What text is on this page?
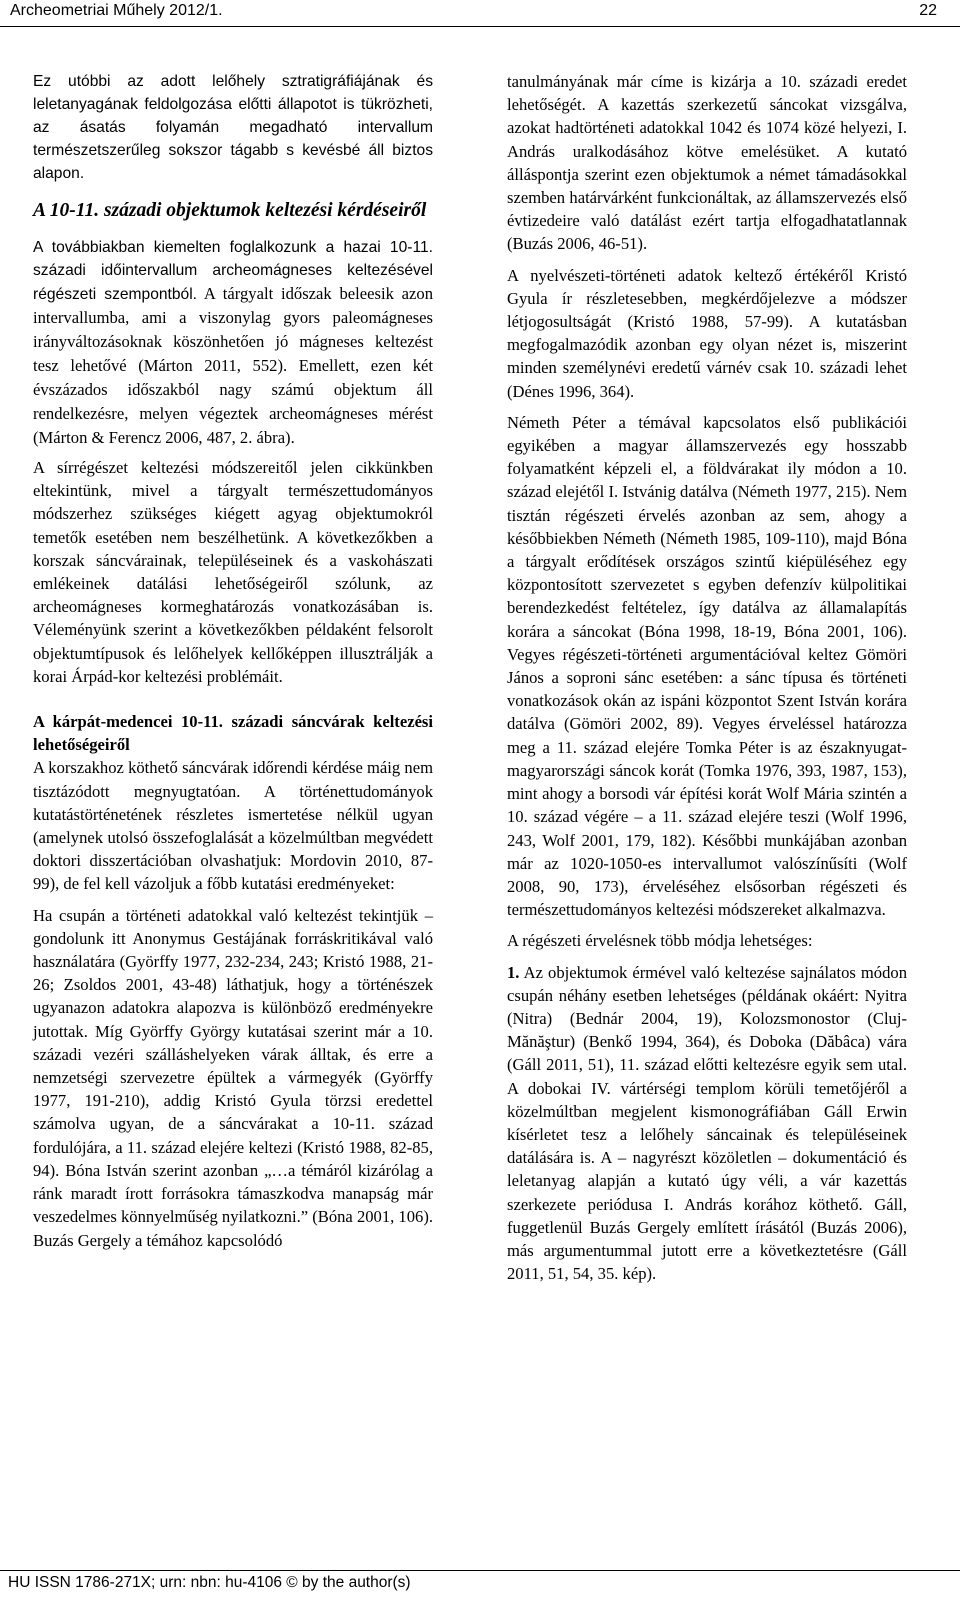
Archeometriai Műhely 2012/1.	22

Ez utóbbi az adott lelőhely sztratigráfiájának és leletanyagának feldolgozása előtti állapotot is tükrözheti, az ásatás folyamán megadható intervallum természetszerűleg sokszor tágabb s kevésbé áll biztos alapon.

A 10-11. századi objektumok keltezési kérdéseiről

A továbbiakban kiemelten foglalkozunk a hazai 10-11. századi időintervallum archeomágneses keltezésével régészeti szempontból. A tárgyalt időszak beleesik azon intervallumba, ami a viszonylag gyors paleomágneses irányváltozásoknak köszönhetően jó mágneses keltezést tesz lehetővé (Márton 2011, 552). Emellett, ezen két évszázados időszakból nagy számú objektum áll rendelkezésre, melyen végeztek archeomágneses mérést (Márton & Ferencz 2006, 487, 2. ábra).

A sírrégészet keltezési módszereitől jelen cikkünkben eltekintünk, mivel a tárgyalt természettudományos módszerhez szükséges kiégett agyag objektumokról temetők esetében nem beszélhetünk. A következőkben a korszak sáncvárainak, településeinek és a vaskohászati emlékeinek datálási lehetőségeiről szólunk, az archeomágneses kormeghatározás vonatkozásában is. Véleményünk szerint a következőkben példaként felsorolt objektumtípusok és lelőhelyek kellőképpen illusztrálják a korai Árpád-kor keltezési problémáit.

A kárpát-medencei 10-11. századi sáncvárak keltezési lehetőségeiről

A korszakhoz köthető sáncvárak időrendi kérdése máig nem tisztázódott megnyugtatóan. A történettudományok kutatástörténetének részletes ismertetése nélkül ugyan (amelynek utolsó összefoglalását a közelmúltban megvédett doktori disszertációban olvashatjuk: Mordovin 2010, 87-99), de fel kell vázoljuk a főbb kutatási eredményeket:

Ha csupán a történeti adatokkal való keltezést tekintjük – gondolunk itt Anonymus Gestájának forráskritikával való használatára (Györffy 1977, 232-234, 243; Kristó 1988, 21-26; Zsoldos 2001, 43-48) láthatjuk, hogy a történészek ugyanazon adatokra alapozva is különböző eredményekre jutottak. Míg Györffy György kutatásai szerint már a 10. századi vezéri szálláshelyeken várak álltak, és erre a nemzetségi szervezetre épültek a vármegyék (Györffy 1977, 191-210), addig Kristó Gyula törzsi eredettel számolva ugyan, de a sáncvárakat a 10-11. század fordulójára, a 11. század elejére keltezi (Kristó 1988, 82-85, 94). Bóna István szerint azonban „…a témáról kizárólag a ránk maradt írott forrásokra támaszkodva manapság már veszedelmes könnyelműség nyilatkozni.” (Bóna 2001, 106). Buzás Gergely a témához kapcsolódó

tanulmányának már címe is kizárja a 10. századi eredet lehetőségét. A kazettás szerkezetű sáncokat vizsgálva, azokat hadtörténeti adatokkal 1042 és 1074 közé helyezi, I. András uralkodásához kötve emelésüket. A kutató álláspontja szerint ezen objektumok a német támadásokkal szemben határvárként funkcionáltak, az államszervezés első évtizedeire való datálást ezért tartja elfogadhatatlannak (Buzás 2006, 46-51).

A nyelvészeti-történeti adatok keltező értékéről Kristó Gyula ír részletesebben, megkérdőjelezve a módszer létjogosultságát (Kristó 1988, 57-99). A kutatásban megfogalmazódik azonban egy olyan nézet is, miszerint minden személynévi eredetű várnév csak 10. századi lehet (Dénes 1996, 364).

Németh Péter a témával kapcsolatos első publikációi egyikében a magyar államszervezés egy hosszabb folyamatként képzeli el, a földvárakat ily módon a 10. század elejétől I. Istvánig datálva (Németh 1977, 215). Nem tisztán régészeti érvelés azonban az sem, ahogy a későbbiekben Németh (Németh 1985, 109-110), majd Bóna a tárgyalt erődítések országos szintű kiépüléséhez egy központosított szervezetet s egyben defenzív külpolitikai berendezkedést feltételez, így datálva az államalapítás korára a sáncokat (Bóna 1998, 18-19, Bóna 2001, 106). Vegyes régészeti-történeti argumentációval keltez Gömöri János a soproni sánc esetében: a sánc típusa és történeti vonatkozások okán az ispáni központot Szent István korára datálva (Gömöri 2002, 89). Vegyes érveléssel határozza meg a 11. század elejére Tomka Péter is az északnyugat-magyarországi sáncok korát (Tomka 1976, 393, 1987, 153), mint ahogy a borsodi vár építési korát Wolf Mária szintén a 10. század végére – a 11. század elejére teszi (Wolf 1996, 243, Wolf 2001, 179, 182). Későbbi munkájában azonban már az 1020-1050-es intervallumot valószínűsíti (Wolf 2008, 90, 173), érveléséhez elsősorban régészeti és természettudományos keltezési módszereket alkalmazva.

A régészeti érvelésnek több módja lehetséges:

1. Az objektumok érmével való keltezése sajnálatos módon csupán néhány esetben lehetséges (példának okáért: Nyitra (Nitra) (Bednár 2004, 19), Kolozsmonostor (Cluj-Mănăştur) (Benkő 1994, 364), és Doboka (Dăbâca) vára (Gáll 2011, 51), 11. század előtti keltezésre egyik sem utal. A dobokai IV. vártérségi templom körüli temetőjéről a közelmúltban megjelent kismonográfiában Gáll Erwin kísérletet tesz a lelőhely sáncainak és településeinek datálására is. A – nagyrészt közöletlen – dokumentáció és leletanyag alapján a kutató úgy véli, a vár kazettás szerkezete periódusa I. András korához köthető. Gáll, fuggetlenül Buzás Gergely említett írásától (Buzás 2006), más argumentummal jutott erre a következtetésre (Gáll 2011, 51, 54, 35. kép).

HU ISSN 1786-271X; urn: nbn: hu-4106 © by the author(s)
